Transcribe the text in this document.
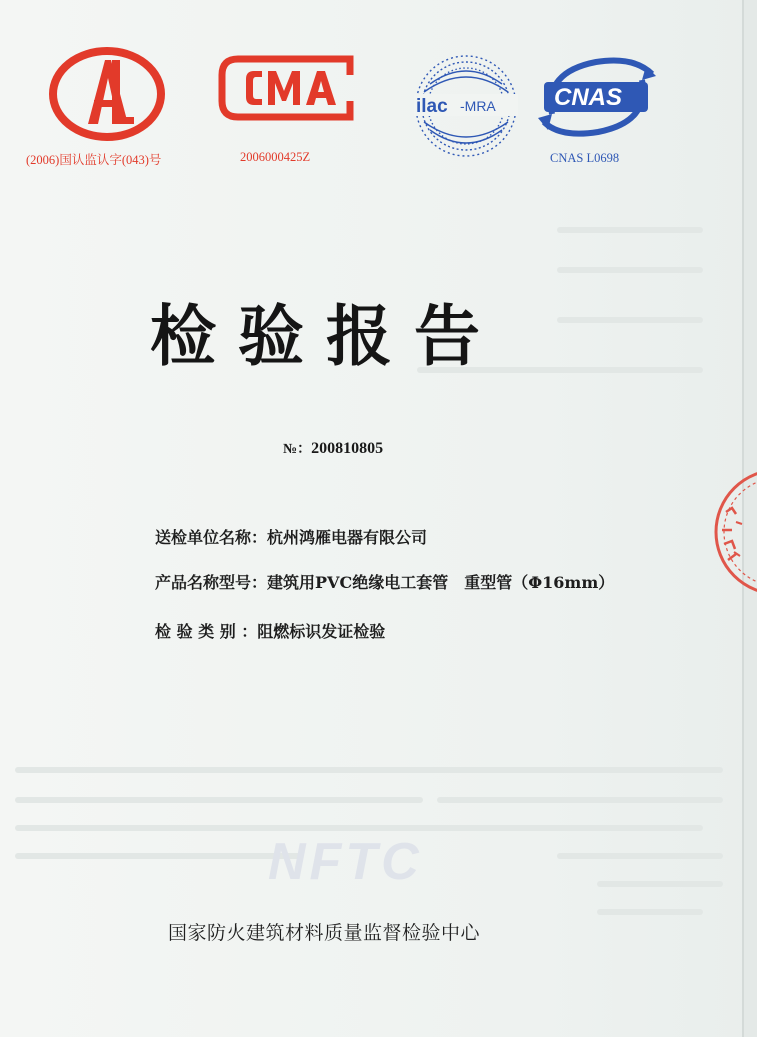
(2006)国认监认字(043)号	2006000425Z
ilac -MRA CNAS
CNAS L0698
检验报告
№：200810805
送检单位名称：杭州鸿雁电器有限公司
产品名称型号：建筑用PVC绝缘电工套管　重型管（Φ16mm）
检 验 类 别 ：阻燃标识发证检验
NFTC
国家防火建筑材料质量监督检验中心
